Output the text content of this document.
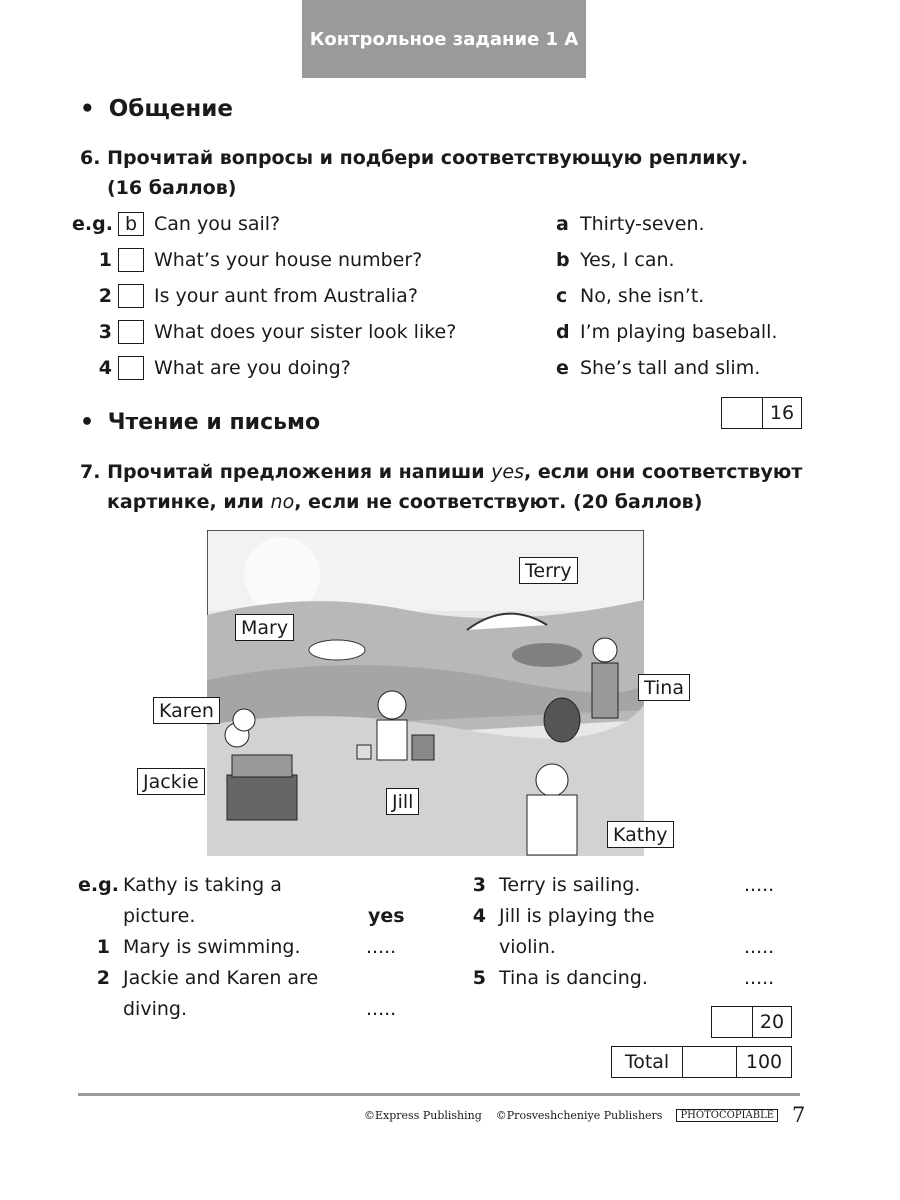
Контрольное задание 1 А
• Общение
6. Прочитай вопросы и подбери соответствующую реплику.
(16 баллов)
e.g. b Can you sail?
1 What’s your house number?
2 Is your aunt from Australia?
3 What does your sister look like?
4 What are you doing?
a Thirty-seven.
b Yes, I can.
c No, she isn’t.
d I’m playing baseball.
e She’s tall and slim.
16
• Чтение и письмо
7. Прочитай предложения и напиши yes, если они соответствуют
картинке, или no, если не соответствуют. (20 баллов)
Terry
Mary
Tina
Karen
Jackie
Jill
Kathy
e.g. Kathy is taking a
picture.	yes
1 Mary is swimming.	.....
2 Jackie and Karen are
diving.	.....
3 Terry is sailing.	.....
4 Jill is playing the
violin.	.....
5 Tina is dancing.	.....
20
Total	100
©Express Publishing ©Prosveshcheniye Publishers	PHOTOCOPIABLE 7
